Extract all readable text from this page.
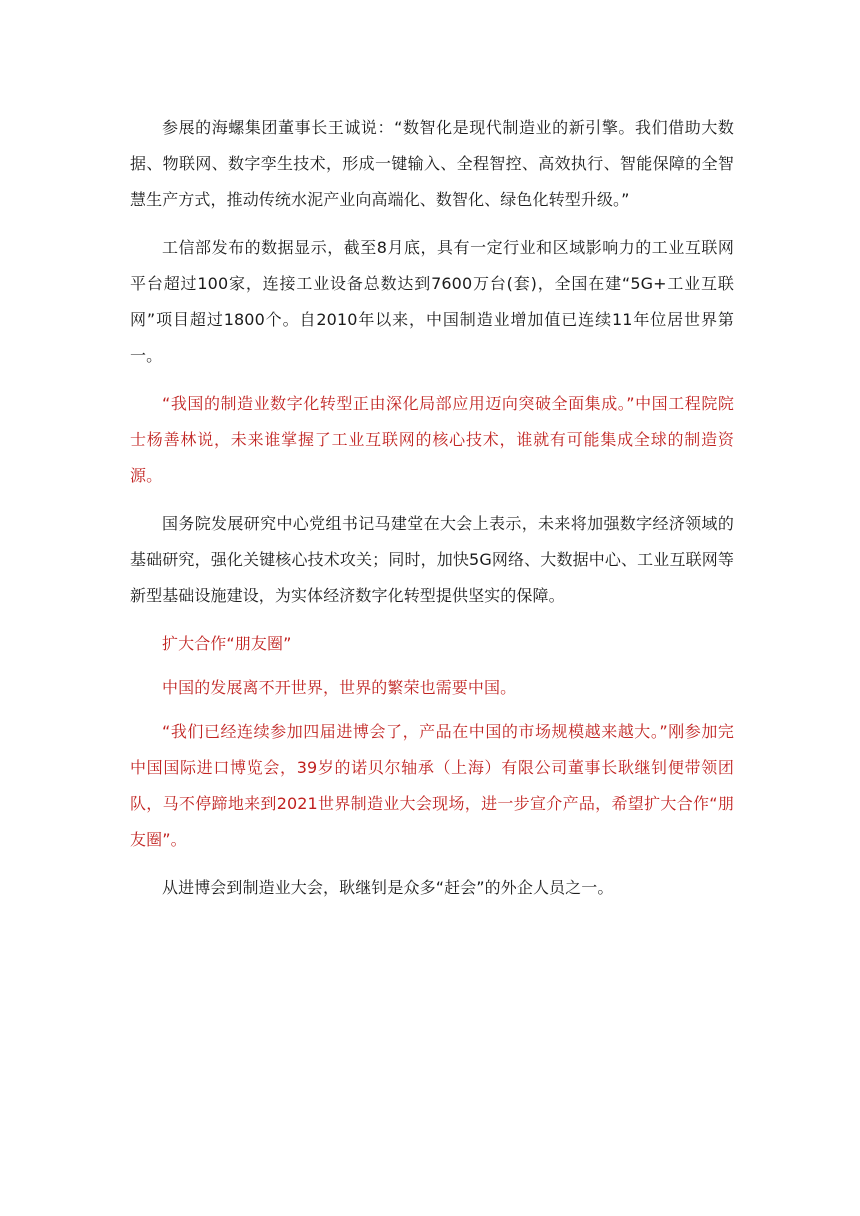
参展的海螺集团董事长王诚说：“数智化是现代制造业的新引擎。我们借助大数据、物联网、数字孪生技术，形成一键输入、全程智控、高效执行、智能保障的全智慧生产方式，推动传统水泥产业向高端化、数智化、绿色化转型升级。”

工信部发布的数据显示，截至8月底，具有一定行业和区域影响力的工业互联网平台超过100家，连接工业设备总数达到7600万台(套)，全国在建“5G+工业互联网”项目超过1800个。自2010年以来，中国制造业增加值已连续11年位居世界第一。

“我国的制造业数字化转型正由深化局部应用迈向突破全面集成。”中国工程院院士杨善林说，未来谁掌握了工业互联网的核心技术，谁就有可能集成全球的制造资源。

国务院发展研究中心党组书记马建堂在大会上表示，未来将加强数字经济领域的基础研究，强化关键核心技术攻关；同时，加快5G网络、大数据中心、工业互联网等新型基础设施建设，为实体经济数字化转型提供坚实的保障。

扩大合作“朋友圈”

中国的发展离不开世界，世界的繁荣也需要中国。

“我们已经连续参加四届进博会了，产品在中国的市场规模越来越大。”刚参加完中国国际进口博览会，39岁的诺贝尔轴承（上海）有限公司董事长耿继钊便带领团队，马不停蹄地来到2021世界制造业大会现场，进一步宣介产品，希望扩大合作“朋友圈”。

从进博会到制造业大会，耿继钊是众多“赶会”的外企人员之一。
